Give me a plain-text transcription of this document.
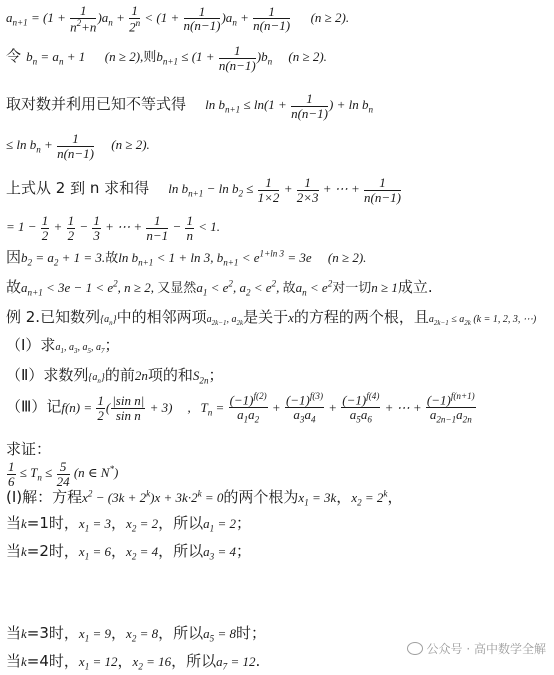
$a_{n+1} = (1 + \frac{1}{n^2+n} )a_n + \frac{1}{2^n} < (1 + \frac{1}{n(n-1)} )a_n + \frac{1}{n(n-1)} (n \ge 2)$.
令 $b_n = a_n + 1$      (n ≥ 2),则$b_{n+1} \le (1 + \frac{1}{n(n-1)} )b_n$     (n ≥ 2).
取对数并利用已知不等式得 $\ln b_{n+1} \le \ln(1 + \frac{1}{n(n-1)}$ ) + $\ln b_n$
≤ $\ln b_n + \frac{1}{n(n-1)} (n \ge 2)$.
上式从 2 到 n 求和得 $\ln b_{n+1} - \ln b_2 \le \frac{1}{1\times 2} + \frac{1}{2\times 3}$ + ⋯ + $\frac{1}{n(n-1)}$
= $1 - \frac{1}{2} + \frac{1}{2} - \frac{1}{3}$ + ⋯ + $\frac{1}{n-1} - \frac{1}{n} < 1$.
因$b_2 = a_2 + 1 = 3$.故$\ln b_{n+1} < 1 + \ln 3$, $b_{n+1} < e^{1+ln 3} = 3e$     (n ≥ 2).
故$a_{n+1} < 3e - 1 < e^2$, n ≥ 2, 又显然$a_1 < e^2$, $a_2 < e^2$, 故$a_n < e^2$对一切n ≥ 1成立.
例 2.已知数列$\{a_n\}$中的相邻两项$a_{2k-1}$, $a_{2k}$是关于x的方程的两个根，且$a_{2k-1} \le a_{2k}$ (k = 1, 2, 3, ⋯)
（Ⅰ）求$a_1$, $a_3$, $a_5$, $a_7$；
（Ⅱ）求数列$\{a_n\}$的前2n项的和$S_{2n}$；
（Ⅲ）记$f(n) = \frac{1}{2}$ ( $\frac{\text{|sin n|}}{\text{sin n}} + 3$) ,   $T_n = \frac{(-1)^{f(2)}}{a_1a_2} + \frac{(-1)^{f(3)}}{a_3a_4} + \frac{(-1)^{f(4)}}{a_5a_6}$ + ⋯ + $\frac{(-1)^{f(n+1)}}{a_{2n-1}a_{2n}}$
求证：
$\frac{1}{6} \le T_n \le \frac{5}{24} (n$ ∈ N*)
(Ⅰ)解：方程$x^2 - (3k + 2^k)x + 3k\cdot 2^k = 0$的两个根为$x_1 = 3k$，$x_2 = 2^k$，
当k=1时，$x_1 = 3$，$x_2 = 2$，所以$a_1 = 2$；
当k=2时，$x_1 = 6$，$x_2 = 4$，所以$a_3 = 4$；
当k=3时，$x_1 = 9$，$x_2 = 8$，所以$a_5 = 8$时；
当k=4时，$x_1 = 12$，$x_2 = 16$，所以$a_7 = 12$.
公众号 · 高中数学全解
